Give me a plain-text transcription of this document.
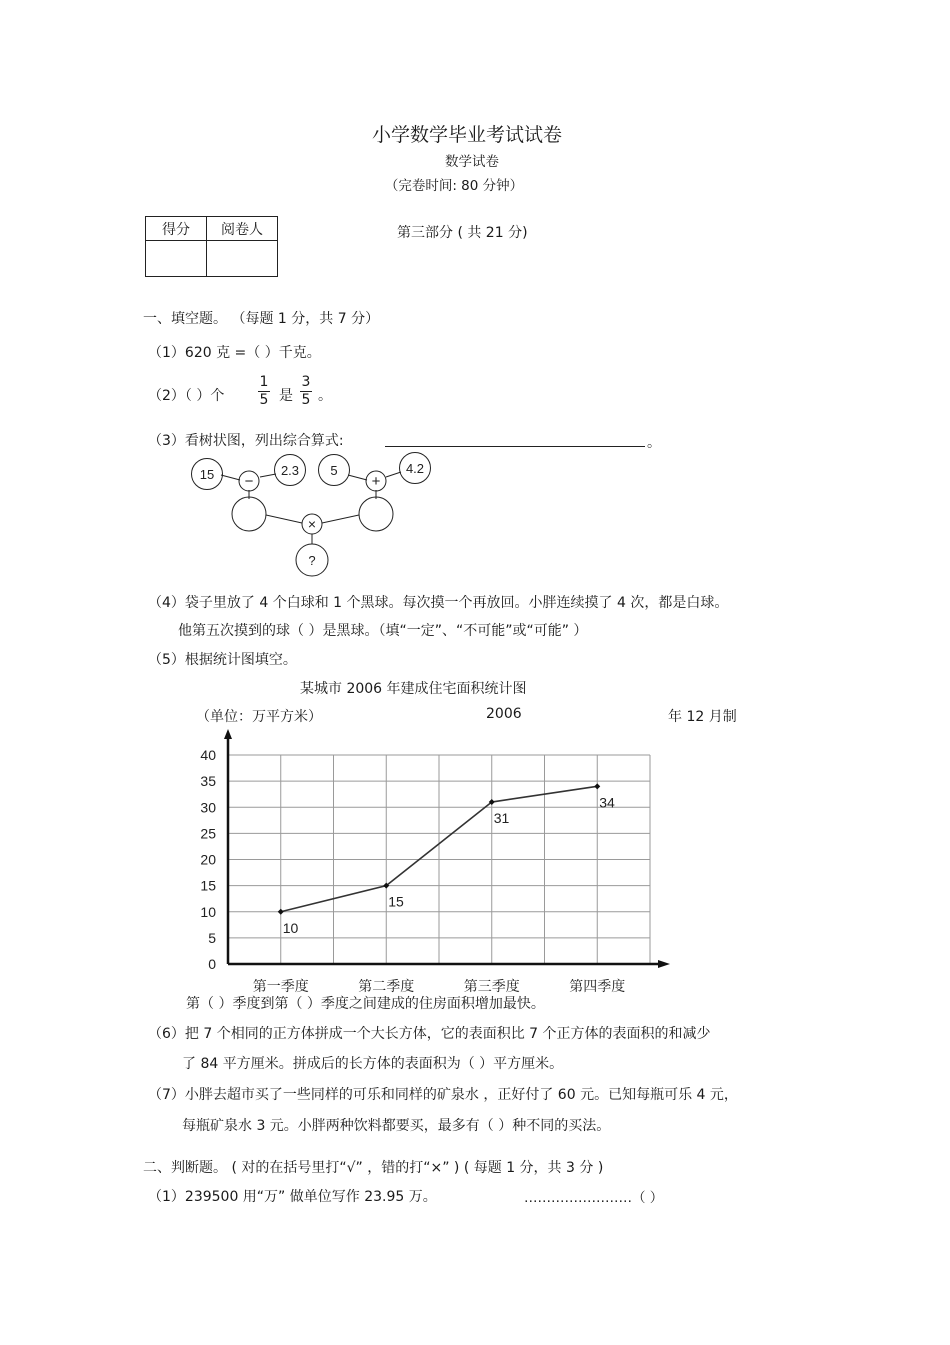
小学数学毕业考试试卷
数学试卷
（完卷时间: 80 分钟）
得分	阅卷人
		第三部分 ( 共 21 分)
一、填空题。 （每题 1 分，共 7 分）
（1）620 克 =（ ）千克。
（2）（ ）个
1
5 是
3
5 。
（3）看树状图，列出综合算式:	。
15	2.3 5	4.2
−	+
×
?
（4）袋子里放了 4 个白球和 1 个黑球。每次摸一个再放回。小胖连续摸了 4 次，都是白球。
他第五次摸到的球（ ）是黑球。（填“一定”、“不可能”或“可能” ）
（5）根据统计图填空。
某城市 2006 年建成住宅面积统计图
（单位：万平方米）	2006	年 12 月制
0
5
10
15
20
25
30
35
40
第一季度	第二季度	第三季度	第四季度
10
15
31
34
第（ ）季度到第（ ）季度之间建成的住房面积增加最快。
（6）把 7 个相同的正方体拼成一个大长方体，它的表面积比 7 个正方体的表面积的和减少
了 84 平方厘米。拼成后的长方体的表面积为（ ）平方厘米。
（7）小胖去超市买了一些同样的可乐和同样的矿泉水 ，正好付了 60 元。已知每瓶可乐 4 元，
每瓶矿泉水 3 元。小胖两种饮料都要买，最多有（ ）种不同的买法。
二、判断题。 ( 对的在括号里打“√” ，错的打“×” ) ( 每题 1 分，共 3 分 )
（1）239500 用“万” 做单位写作 23.95 万。	……………………（ ）
